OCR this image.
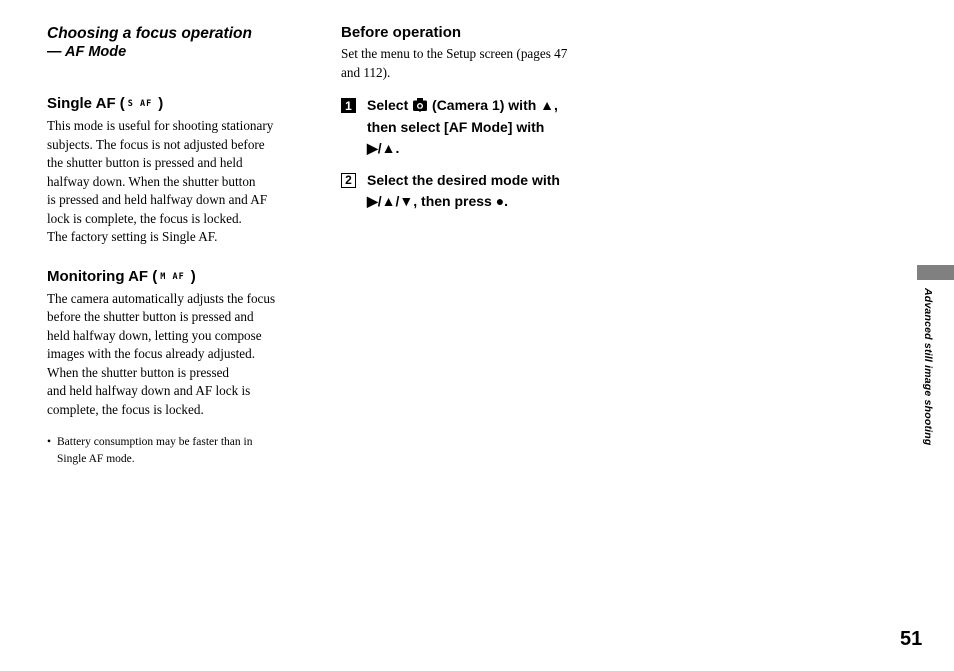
Choosing a focus operation

— AF Mode

Single AF ( S AF )

This mode is useful for shooting stationary
subjects. The focus is not adjusted before
the shutter button is pressed and held
halfway down. When the shutter button
is pressed and held halfway down and AF
lock is complete, the focus is locked.
The factory setting is Single AF.

Monitoring AF ( M AF )

The camera automatically adjusts the focus
before the shutter button is pressed and
held halfway down, letting you compose
images with the focus already adjusted.
When the shutter button is pressed
and held halfway down and AF lock is
complete, the focus is locked.

• Battery consumption may be faster than in
Single AF mode.

Before operation

Set the menu to the Setup screen (pages 47
and 112).

1 Select  (Camera 1) with ▲,
then select [AF Mode] with
▶/▲.
2 Select the desired mode with
▶/▲/▼, then press ●.
Advanced still image shooting
51
